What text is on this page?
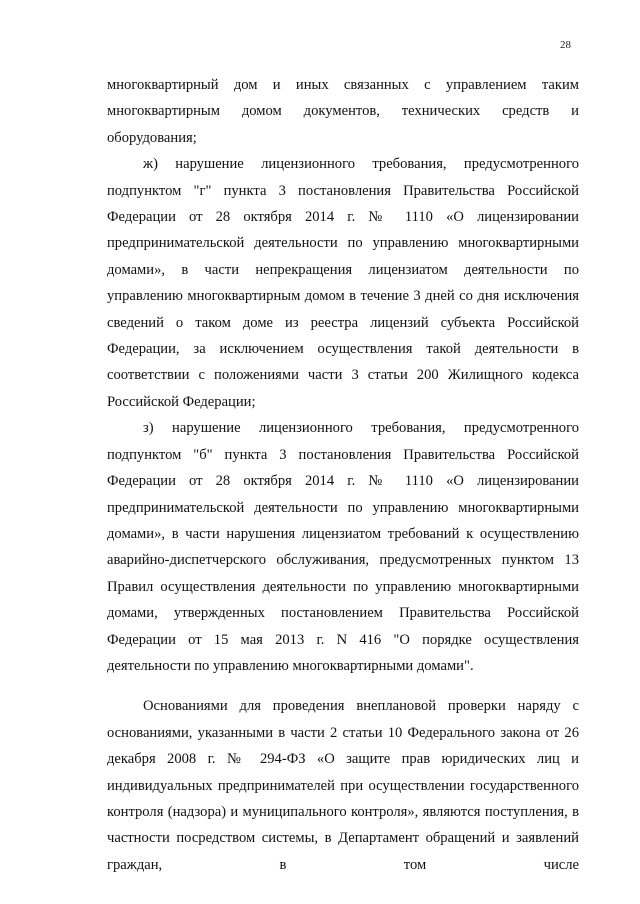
28

многоквартирный дом и иных связанных с управлением таким многоквартирным домом документов, технических средств и оборудования;

ж) нарушение лицензионного требования, предусмотренного подпунктом "г" пункта 3 постановления Правительства Российской Федерации от 28 октября 2014 г. № 1110 «О лицензировании предпринимательской деятельности по управлению многоквартирными домами», в части непрекращения лицензиатом деятельности по управлению многоквартирным домом в течение 3 дней со дня исключения сведений о таком доме из реестра лицензий субъекта Российской Федерации, за исключением осуществления такой деятельности в соответствии с положениями части 3 статьи 200 Жилищного кодекса Российской Федерации;

з) нарушение лицензионного требования, предусмотренного подпунктом "б" пункта 3 постановления Правительства Российской Федерации от 28 октября 2014 г. № 1110 «О лицензировании предпринимательской деятельности по управлению многоквартирными домами», в части нарушения лицензиатом требований к осуществлению аварийно-диспетчерского обслуживания, предусмотренных пунктом 13 Правил осуществления деятельности по управлению многоквартирными домами, утвержденных постановлением Правительства Российской Федерации от 15 мая 2013 г. N 416 "О порядке осуществления деятельности по управлению многоквартирными домами".

Основаниями для проведения внеплановой проверки наряду с основаниями, указанными в части 2 статьи 10 Федерального закона от 26 декабря 2008 г. № 294-ФЗ «О защите прав юридических лиц и индивидуальных предпринимателей при осуществлении государственного контроля (надзора) и муниципального контроля», являются поступления, в частности посредством системы, в Департамент обращений и заявлений граждан, в том числе
